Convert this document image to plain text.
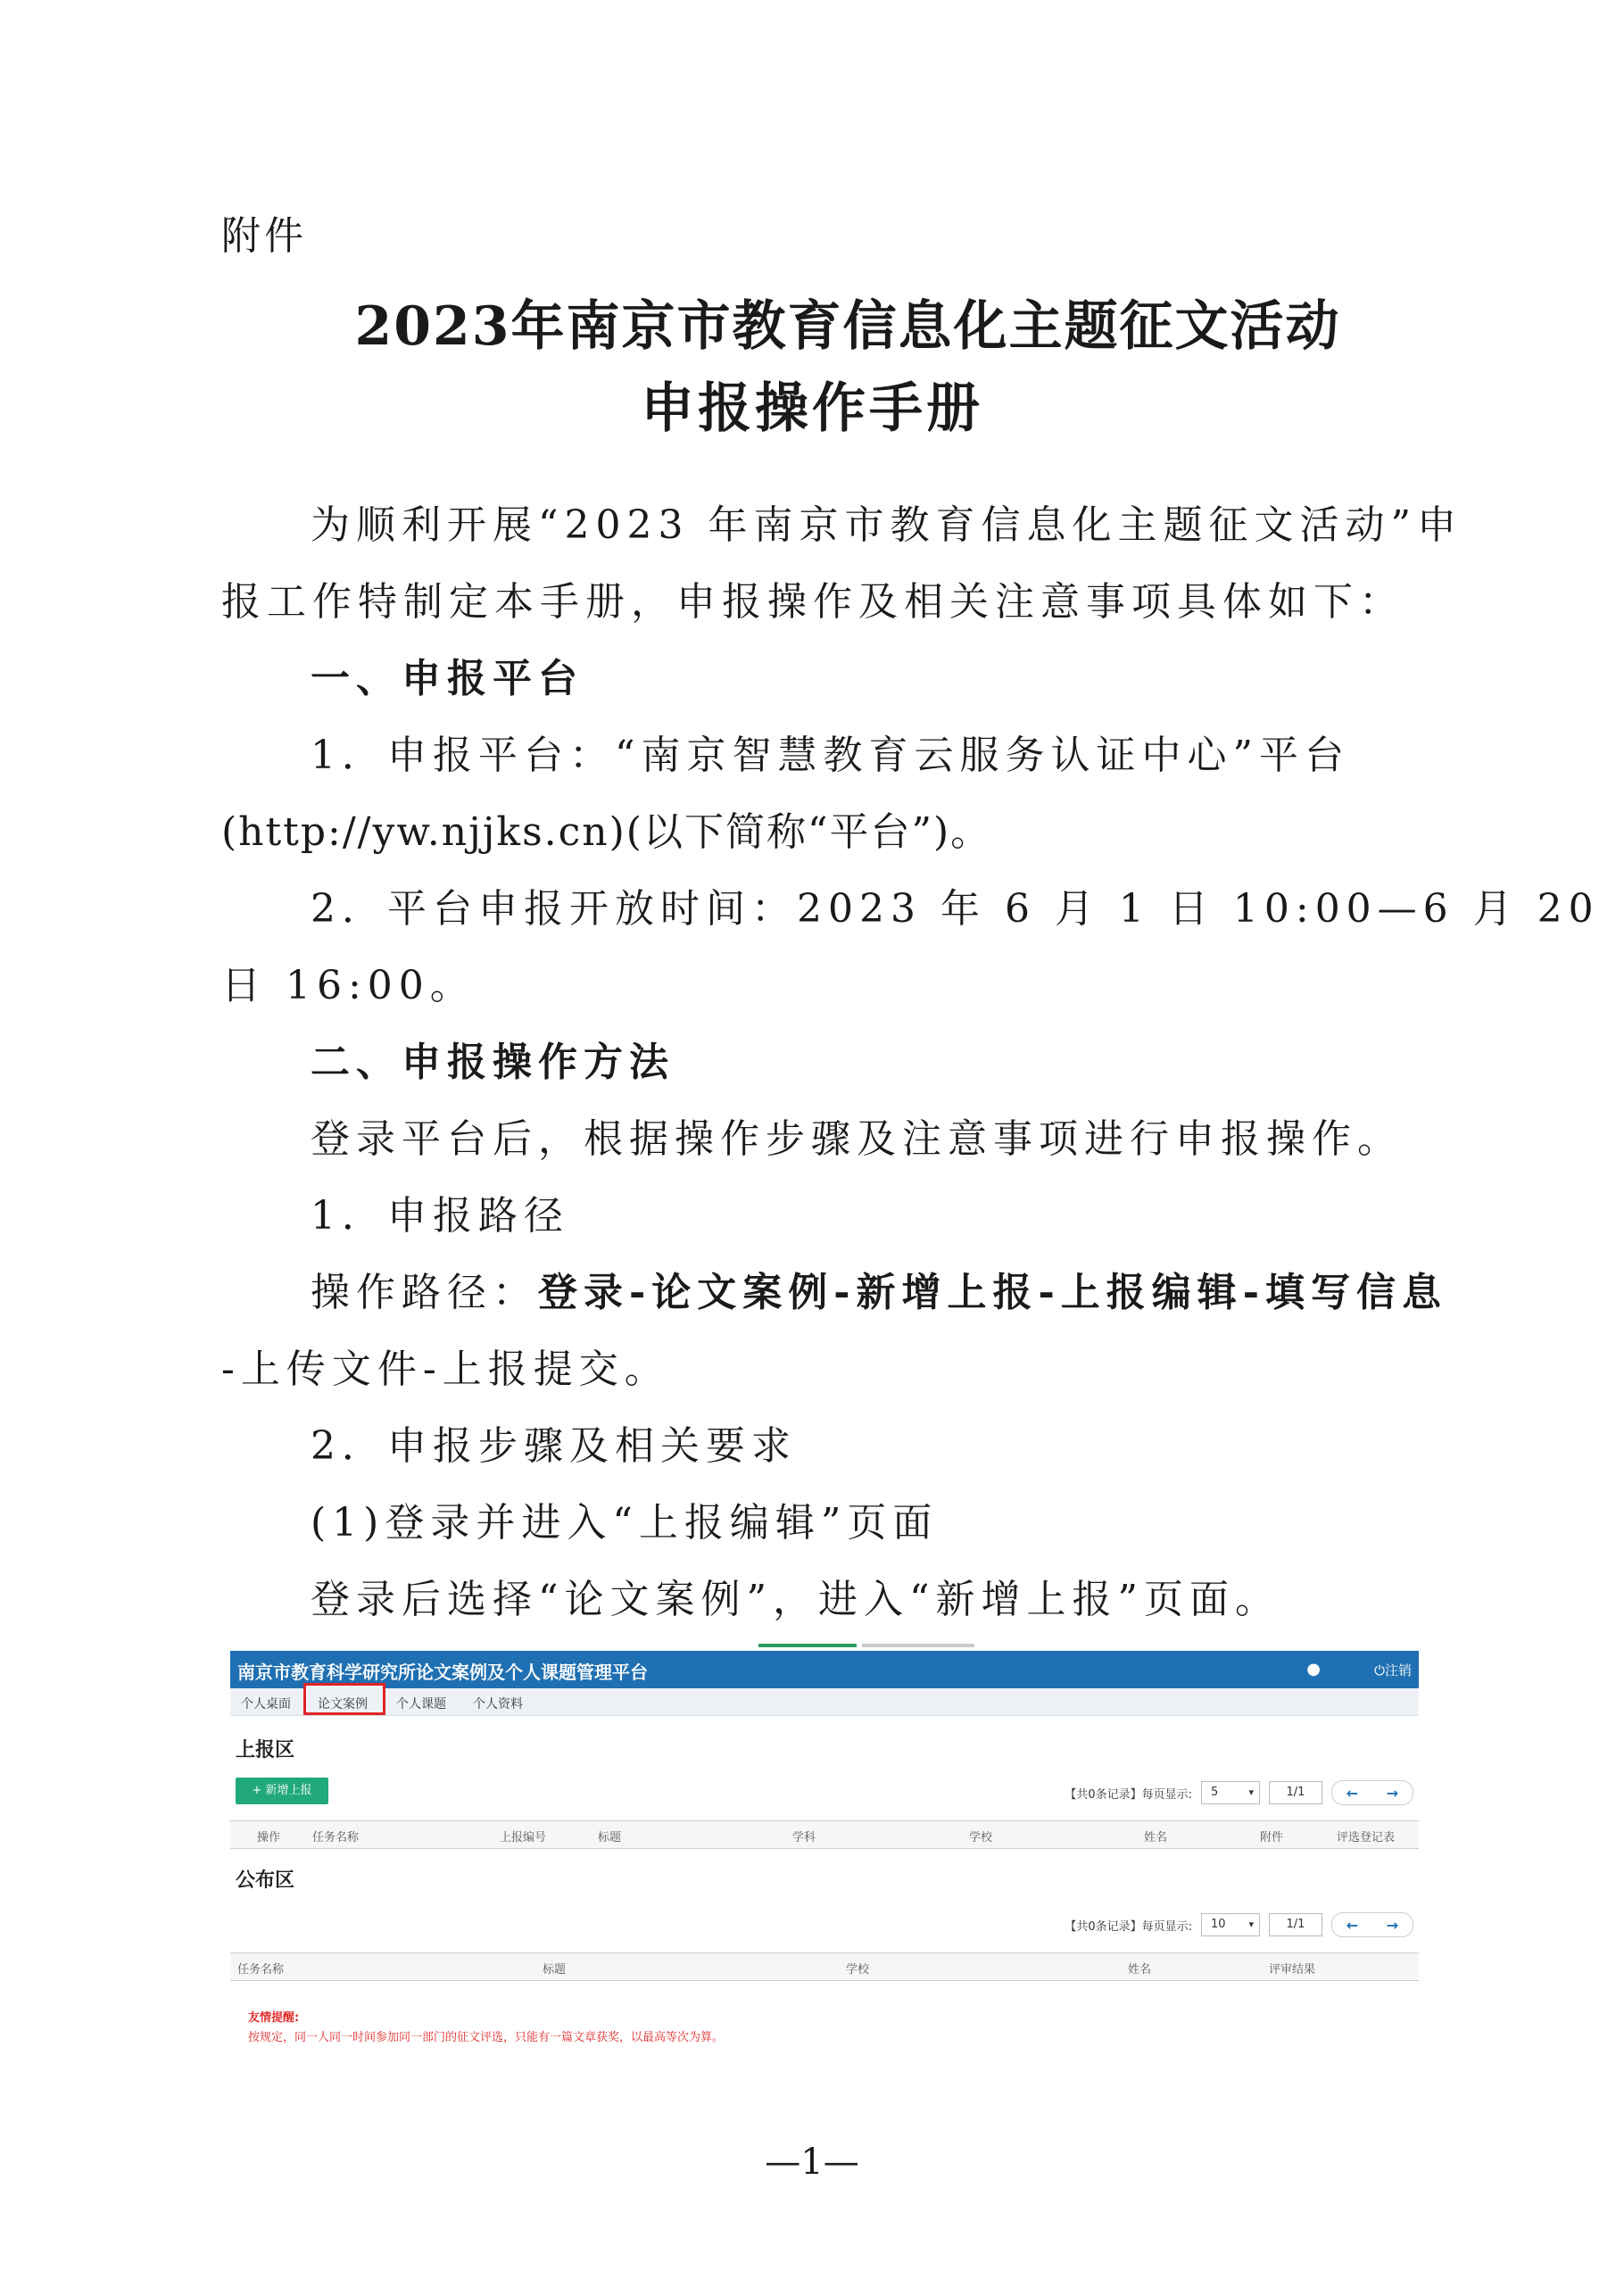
附件
2023年南京市教育信息化主题征文活动
申报操作手册

为顺利开展“2023 年南京市教育信息化主题征文活动”申

报工作特制定本手册，申报操作及相关注意事项具体如下：

一、申报平台

1．申报平台：“南京智慧教育云服务认证中心”平台

(http://yw.njjks.cn)(以下简称“平台”)。

2．平台申报开放时间：2023 年 6 月 1 日 10:00—6 月 20

日 16:00。

二、申报操作方法

登录平台后，根据操作步骤及注意事项进行申报操作。

1．申报路径

操作路径：登录-论文案例-新增上报-上报编辑-填写信息

-上传文件-上报提交。

2．申报步骤及相关要求

(1)登录并进入“上报编辑”页面

登录后选择“论文案例”，进入“新增上报”页面。

南京市教育科学研究所论文案例及个人课题管理平台	●	⏻注销
个人桌面 论文案例 个人课题 个人资料
上报区
+ 新增上报	【共0条记录】每页显示:	5 ▾	1/1	← →
操作	任务名称	上报编号	标题	学科	学校	姓名	附件	评选登记表
公布区
【共0条记录】每页显示:	10 ▾	1/1	← →
任务名称	标题	学校	姓名	评审结果
友情提醒:
按规定，同一人同一时间参加同一部门的征文评选，只能有一篇文章获奖，以最高等次为算。
—1—
